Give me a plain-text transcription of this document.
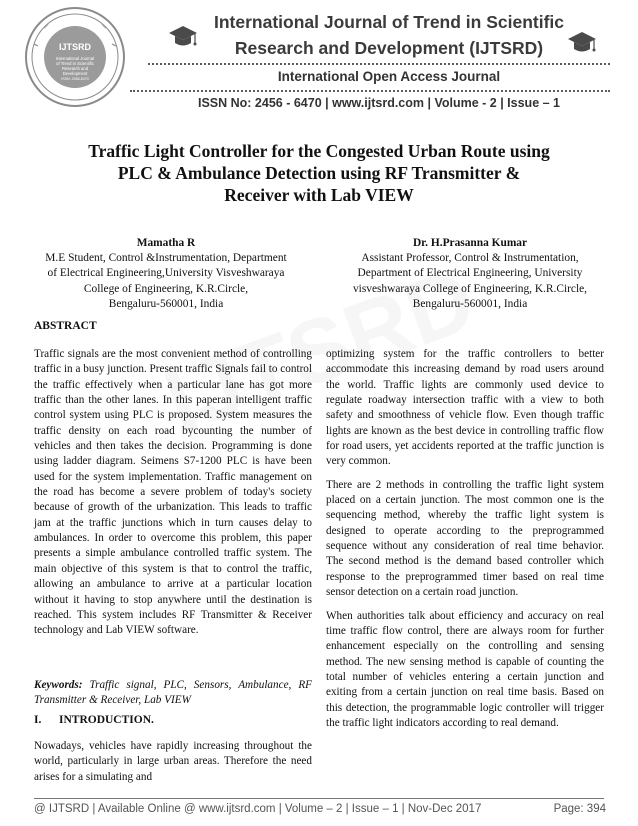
IJTSRD
International Journal
of Trend in Scientific
Research and
Development
ISSN: 2456-6470
International Journal of Trend in Scientific
Research and Development (IJTSRD)
International Open Access Journal
ISSN No: 2456 - 6470 | www.ijtsrd.com | Volume - 2 | Issue – 1
Traffic Light Controller for the Congested Urban Route using
PLC & Ambulance Detection using RF Transmitter &
Receiver with Lab VIEW
Mamatha R
M.E Student, Control &Instrumentation, Department
of Electrical Engineering,University Visveshwaraya
College of Engineering, K.R.Circle,
Bengaluru-560001, India
Dr. H.Prasanna Kumar
Assistant Professor, Control & Instrumentation,
Department of Electrical Engineering, University
visveshwaraya College of Engineering, K.R.Circle,
Bengaluru-560001, India
ABSTRACT

Traffic signals are the most convenient method of controlling traffic in a busy junction. Present traffic Signals fail to control the traffic effectively when a particular lane has got more traffic than the other lanes. In this paperan intelligent traffic control system using PLC is proposed. System measures the traffic density on each road bycounting the number of vehicles and then takes the decision. Programming is done using ladder diagram. Seimens S7-1200 PLC is have been used for the system implementation. Traffic management on the road has become a severe problem of today's society because of growth of the urbanization. This leads to traffic jam at the traffic junctions which in turn causes delay to ambulances. In order to overcome this problem, this paper presents a simple ambulance controlled traffic system. The main objective of this system is that to control the traffic, allowing an ambulance to arrive at a particular location without it having to stop anywhere until the destination is reached. This system includes RF Transmitter & Receiver technology and Lab VIEW software.

Keywords: Traffic signal, PLC, Sensors, Ambulance, RF Transmitter & Receiver, Lab VIEW
I. INTRODUCTION.

Nowadays, vehicles have rapidly increasing throughout the world, particularly in large urban areas. Therefore the need arises for a simulating and

optimizing system for the traffic controllers to better accommodate this increasing demand by road users around the world. Traffic lights are commonly used device to regulate roadway intersection traffic with a view to both safety and smoothness of vehicle flow. Even though traffic lights are known as the best device in controlling traffic flow for road users, yet accidents reported at the traffic junction is very common.

There are 2 methods in controlling the traffic light system placed on a certain junction. The most common one is the sequencing method, whereby the traffic light system is designed to operate according to the preprogrammed sequence without any consideration of real time behavior. The second method is the demand based controller which response to the preprogrammed timer based on real time sensor detection on a certain road junction.

When authorities talk about efficiency and accuracy on real time traffic flow control, there are always room for further enhancement especially on the controlling and sensing method. The new sensing method is capable of counting the total number of vehicles entering a certain junction and exiting from a certain junction on real time basis. Based on this detection, the programmable logic controller will trigger the traffic light indicators according to real demand.

@ IJTSRD | Available Online @ www.ijtsrd.com | Volume – 2 | Issue – 1 | Nov-Dec 2017	Page: 394
